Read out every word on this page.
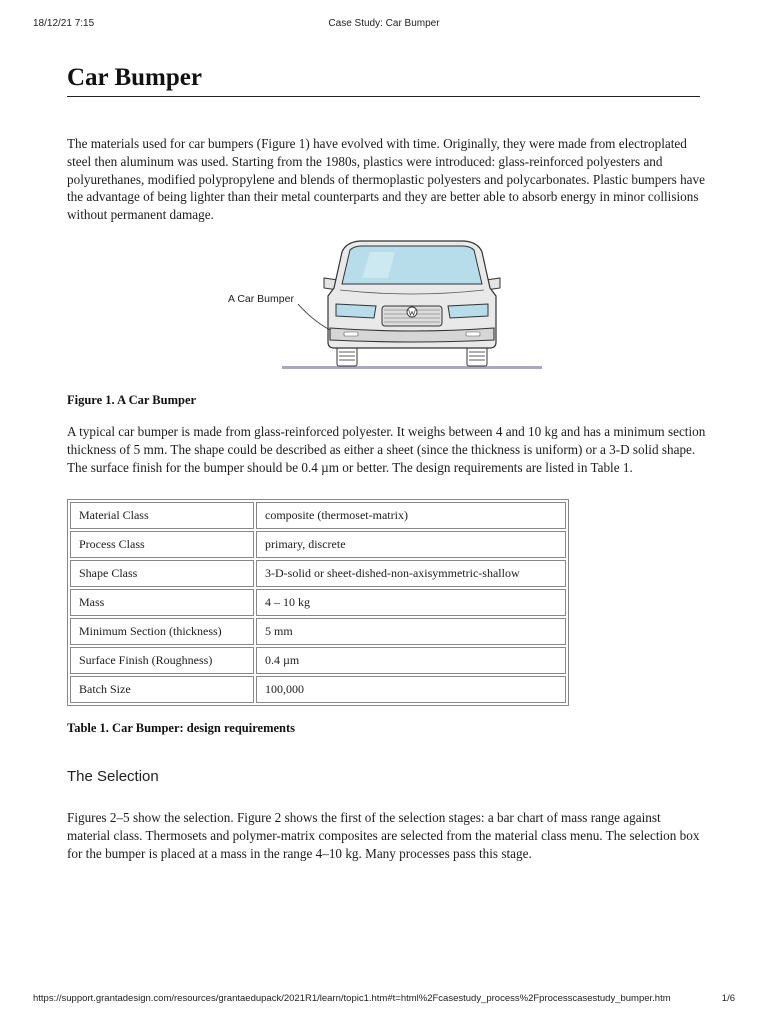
18/12/21 7:15	Case Study: Car Bumper
Car Bumper

The materials used for car bumpers (Figure 1) have evolved with time. Originally, they were made from electroplated steel then aluminum was used. Starting from the 1980s, plastics were introduced: glass-reinforced polyesters and polyurethanes, modified polypropylene and blends of thermoplastic polyesters and polycarbonates. Plastic bumpers have the advantage of being lighter than their metal counterparts and they are better able to absorb energy in minor collisions without permanent damage.

A Car Bumper

Figure 1. A Car Bumper

A typical car bumper is made from glass-reinforced polyester. It weighs between 4 and 10 kg and has a minimum section thickness of 5 mm. The shape could be described as either a sheet (since the thickness is uniform) or a 3-D solid shape. The surface finish for the bumper should be 0.4 µm or better. The design requirements are listed in Table 1.

Material Class	composite (thermoset-matrix)
Process Class	primary, discrete
Shape Class	3-D-solid or sheet-dished-non-axisymmetric-shallow
Mass	4 – 10 kg
Minimum Section (thickness)	5 mm
Surface Finish (Roughness)	0.4 µm
Batch Size	100,000

Table 1. Car Bumper: design requirements

The Selection

Figures 2–5 show the selection. Figure 2 shows the first of the selection stages: a bar chart of mass range against material class. Thermosets and polymer-matrix composites are selected from the material class menu. The selection box for the bumper is placed at a mass in the range 4–10 kg. Many processes pass this stage.

https://support.grantadesign.com/resources/grantaedupack/2021R1/learn/topic1.htm#t=html%2Fcasestudy_process%2Fprocesscasestudy_bumper.htm	1/6
